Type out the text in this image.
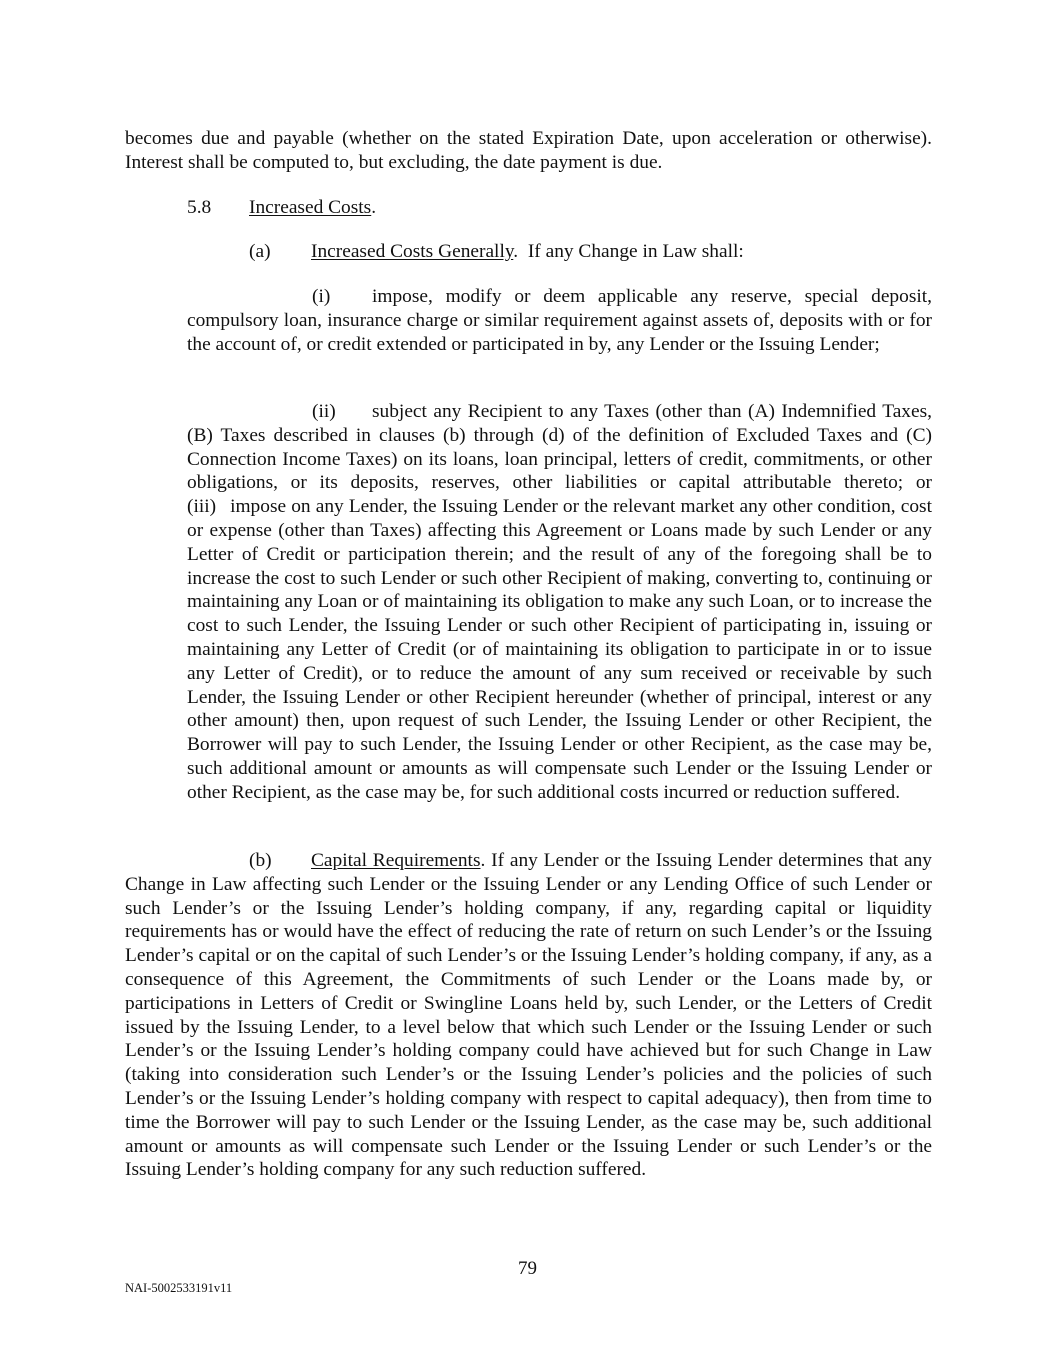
becomes due and payable (whether on the stated Expiration Date, upon acceleration or otherwise). Interest shall be computed to, but excluding, the date payment is due.

5.8 Increased Costs.

(a) Increased Costs Generally.  If any Change in Law shall:

(i) impose, modify or deem applicable any reserve, special deposit, compulsory loan, insurance charge or similar requirement against assets of, deposits with or for the account of, or credit extended or participated in by, any Lender or the Issuing Lender;

(ii) subject any Recipient to any Taxes (other than (A) Indemnified Taxes, (B) Taxes described in clauses (b) through (d) of the definition of Excluded Taxes and (C) Connection Income Taxes) on its loans, loan principal, letters of credit, commitments, or other obligations, or its deposits, reserves, other liabilities or capital attributable thereto; or (iii) impose on any Lender, the Issuing Lender or the relevant market any other condition, cost or expense (other than Taxes) affecting this Agreement or Loans made by such Lender or any Letter of Credit or participation therein; and the result of any of the foregoing shall be to increase the cost to such Lender or such other Recipient of making, converting to, continuing or maintaining any Loan or of maintaining its obligation to make any such Loan, or to increase the cost to such Lender, the Issuing Lender or such other Recipient of participating in, issuing or maintaining any Letter of Credit (or of maintaining its obligation to participate in or to issue any Letter of Credit), or to reduce the amount of any sum received or receivable by such Lender, the Issuing Lender or other Recipient hereunder (whether of principal, interest or any other amount) then, upon request of such Lender, the Issuing Lender or other Recipient, the Borrower will pay to such Lender, the Issuing Lender or other Recipient, as the case may be, such additional amount or amounts as will compensate such Lender or the Issuing Lender or other Recipient, as the case may be, for such additional costs incurred or reduction suffered.

(b) Capital Requirements. If any Lender or the Issuing Lender determines that any Change in Law affecting such Lender or the Issuing Lender or any Lending Office of such Lender or such Lender’s or the Issuing Lender’s holding company, if any, regarding capital or liquidity requirements has or would have the effect of reducing the rate of return on such Lender’s or the Issuing Lender’s capital or on the capital of such Lender’s or the Issuing Lender’s holding company, if any, as a consequence of this Agreement, the Commitments of such Lender or the Loans made by, or participations in Letters of Credit or Swingline Loans held by, such Lender, or the Letters of Credit issued by the Issuing Lender, to a level below that which such Lender or the Issuing Lender or such Lender’s or the Issuing Lender’s holding company could have achieved but for such Change in Law (taking into consideration such Lender’s or the Issuing Lender’s policies and the policies of such Lender’s or the Issuing Lender’s holding company with respect to capital adequacy), then from time to time the Borrower will pay to such Lender or the Issuing Lender, as the case may be, such additional amount or amounts as will compensate such Lender or the Issuing Lender or such Lender’s or the Issuing Lender’s holding company for any such reduction suffered.

79
NAI-5002533191v11
